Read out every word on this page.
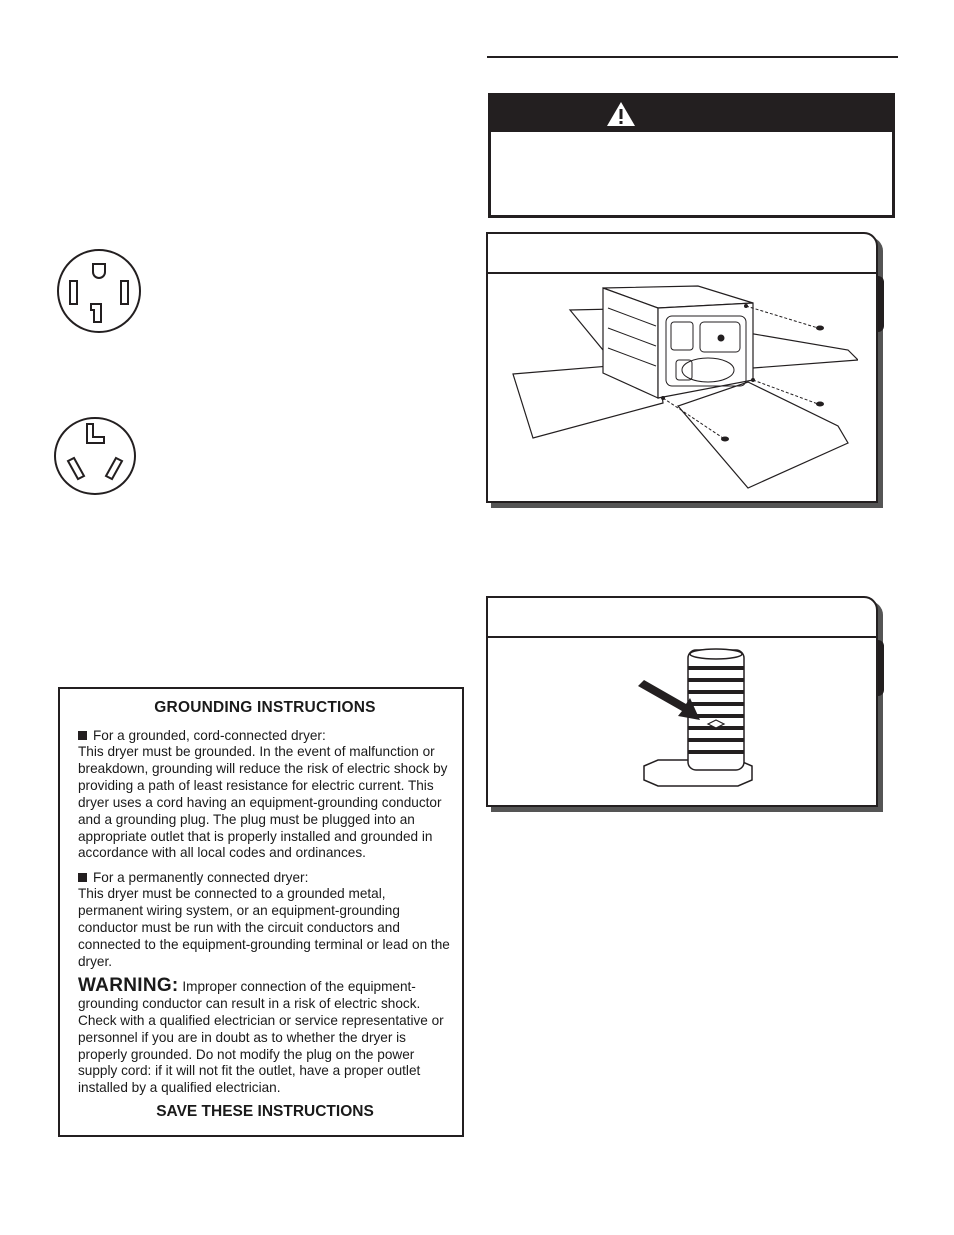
GROUNDING INSTRUCTIONS
For a grounded, cord-connected dryer:

This dryer must be grounded. In the event of malfunction or breakdown, grounding will reduce the risk of electric shock by providing a path of least resistance for electric current. This dryer uses a cord having an equipment-grounding conductor and a grounding plug. The plug must be plugged into an appropriate outlet that is properly installed and grounded in accordance with all local codes and ordinances.

For a permanently connected dryer:

This dryer must be connected to a grounded metal, permanent wiring system, or an equipment-grounding conductor must be run with the circuit conductors and connected to the equipment-grounding terminal or lead on the dryer.

WARNING: Improper connection of the equipment-grounding conductor can result in a risk of electric shock. Check with a qualified electrician or service representative or personnel if you are in doubt as to whether the dryer is properly grounded. Do not modify the plug on the power supply cord: if it will not fit the outlet, have a proper outlet installed by a qualified electrician.

SAVE THESE INSTRUCTIONS
